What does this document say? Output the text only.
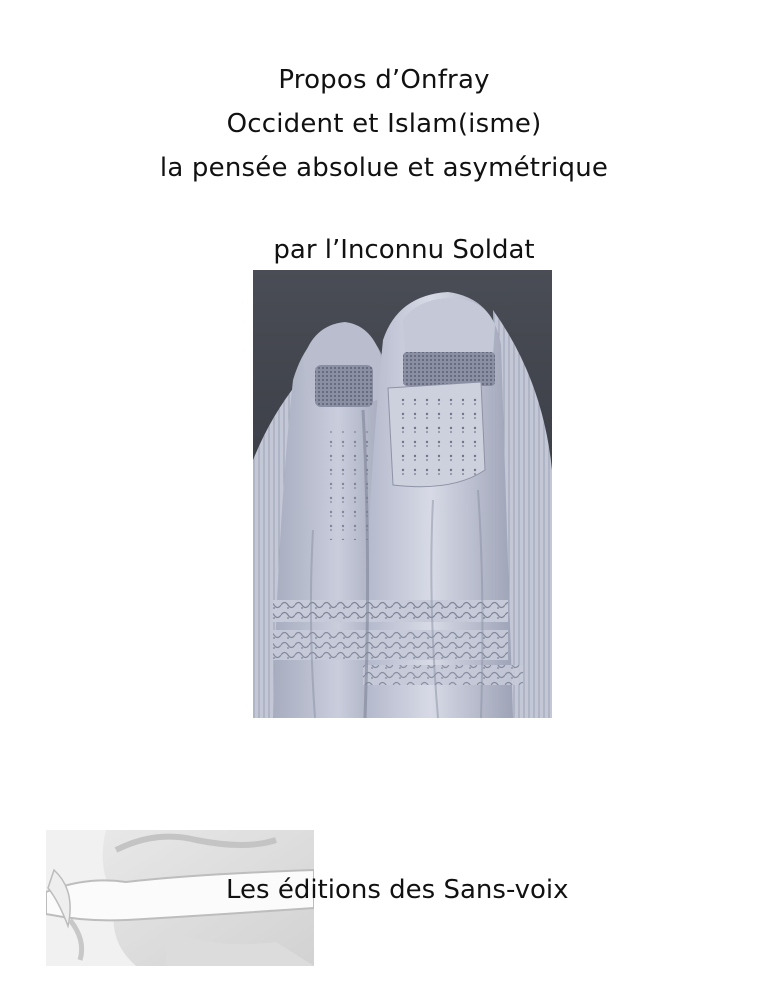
Propos d’Onfray
Occident et Islam(isme)
la pensée absolue et asymétrique
par l’Inconnu Soldat
Les éditions des Sans-voix
